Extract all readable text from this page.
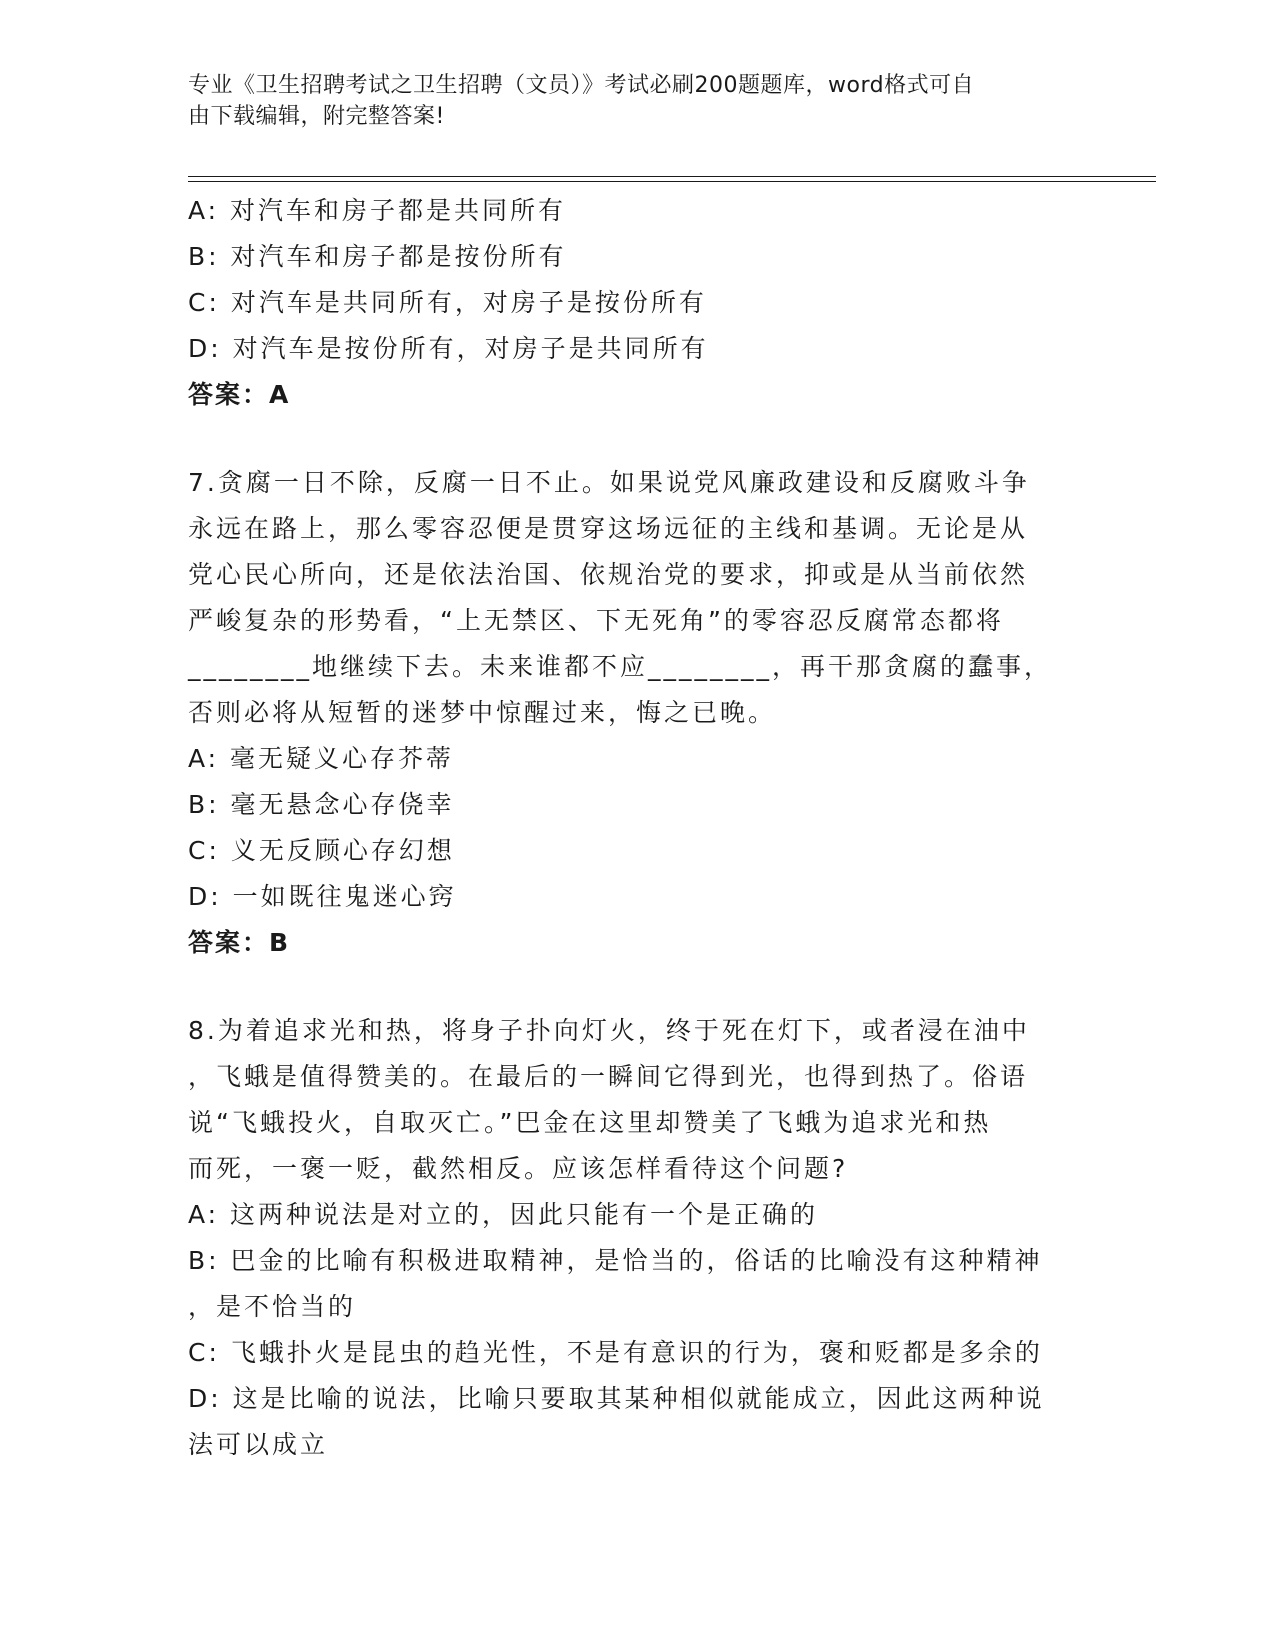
专业《卫生招聘考试之卫生招聘（文员）》考试必刷200题题库，word格式可自
由下载编辑，附完整答案!
A: 对汽车和房子都是共同所有
B: 对汽车和房子都是按份所有
C: 对汽车是共同所有，对房子是按份所有
D: 对汽车是按份所有，对房子是共同所有
答案：A
7.贪腐一日不除，反腐一日不止。如果说党风廉政建设和反腐败斗争
永远在路上，那么零容忍便是贯穿这场远征的主线和基调。无论是从
党心民心所向，还是依法治国、依规治党的要求，抑或是从当前依然
严峻复杂的形势看，“上无禁区、下无死角”的零容忍反腐常态都将
________地继续下去。未来谁都不应________，再干那贪腐的蠢事，
否则必将从短暂的迷梦中惊醒过来，悔之已晚。
A: 毫无疑义心存芥蒂
B: 毫无悬念心存侥幸
C: 义无反顾心存幻想
D: 一如既往鬼迷心窍
答案：B
8.为着追求光和热，将身子扑向灯火，终于死在灯下，或者浸在油中
，飞蛾是值得赞美的。在最后的一瞬间它得到光，也得到热了。俗语
说“飞蛾投火，自取灭亡。”巴金在这里却赞美了飞蛾为追求光和热
而死，一褒一贬，截然相反。应该怎样看待这个问题?
A: 这两种说法是对立的，因此只能有一个是正确的
B: 巴金的比喻有积极进取精神，是恰当的，俗话的比喻没有这种精神
，是不恰当的
C: 飞蛾扑火是昆虫的趋光性，不是有意识的行为，褒和贬都是多余的
D: 这是比喻的说法，比喻只要取其某种相似就能成立，因此这两种说
法可以成立
